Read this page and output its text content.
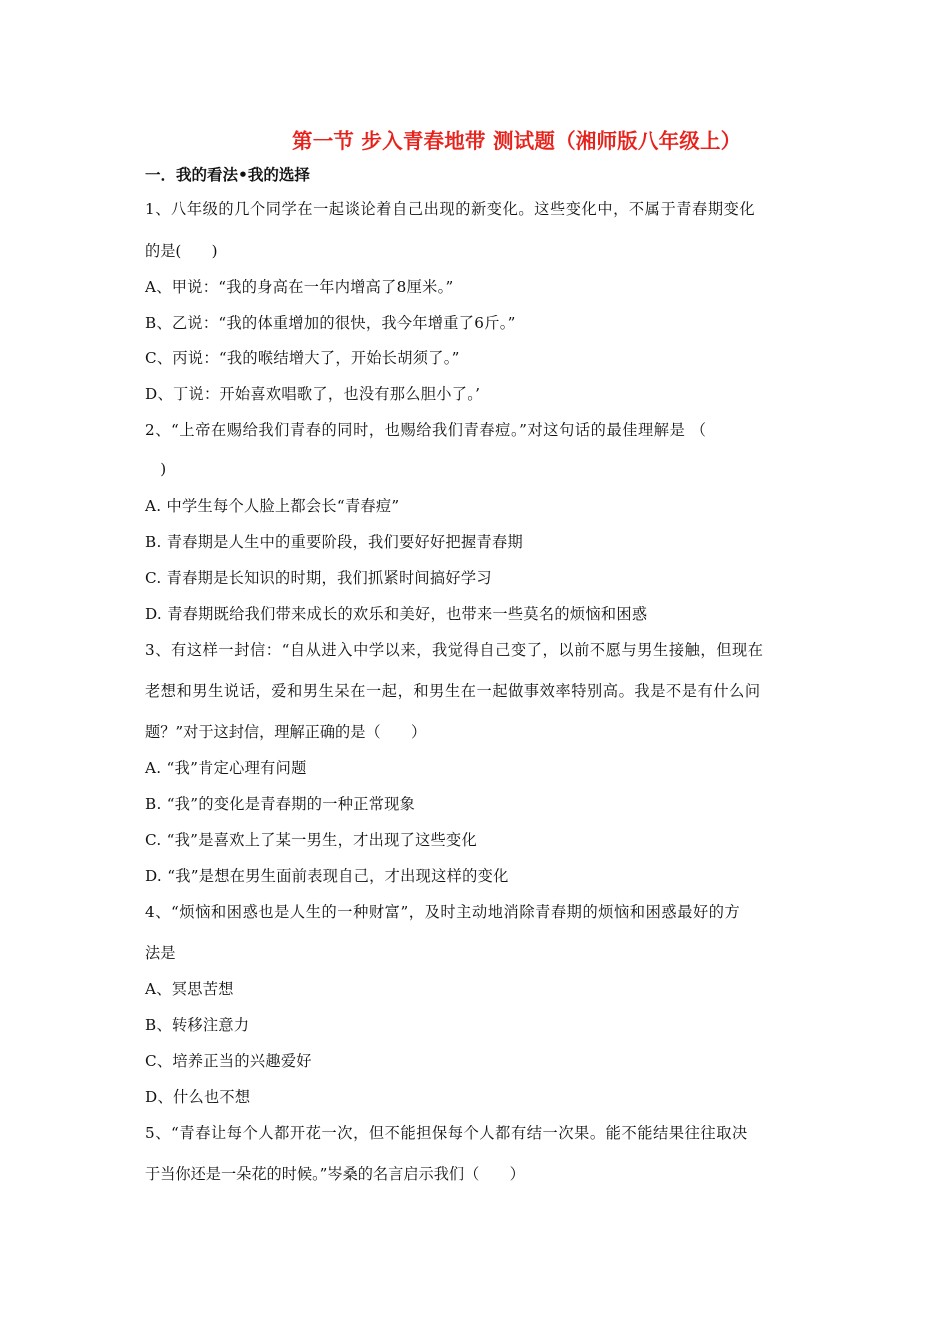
第一节 步入青春地带 测试题（湘师版八年级上）
一．我的看法•我的选择
1、八年级的几个同学在一起谈论着自己出现的新变化。这些变化中，不属于青春期变化
的是(　　)
A、甲说：“我的身高在一年内增高了8厘米。”
B、乙说：“我的体重增加的很快，我今年增重了6斤。”
C、丙说：“我的喉结增大了，开始长胡须了。”
D、丁说：开始喜欢唱歌了，也没有那么胆小了。’
2、“上帝在赐给我们青春的同时，也赐给我们青春痘。”对这句话的最佳理解是 （
　)
A. 中学生每个人脸上都会长“青春痘”
B. 青春期是人生中的重要阶段，我们要好好把握青春期
C. 青春期是长知识的时期，我们抓紧时间搞好学习
D. 青春期既给我们带来成长的欢乐和美好，也带来一些莫名的烦恼和困惑
3、有这样一封信：“自从进入中学以来，我觉得自己变了，以前不愿与男生接触，但现在
老想和男生说话，爱和男生呆在一起，和男生在一起做事效率特别高。我是不是有什么问
题？”对于这封信，理解正确的是（　　）
A. “我”肯定心理有问题
B. “我”的变化是青春期的一种正常现象
C. “我”是喜欢上了某一男生，才出现了这些变化
D. “我”是想在男生面前表现自己，才出现这样的变化
4、“烦恼和困惑也是人生的一种财富”，及时主动地消除青春期的烦恼和困惑最好的方
法是
A、冥思苦想
B、转移注意力
C、培养正当的兴趣爱好
D、什么也不想
5、“青春让每个人都开花一次，但不能担保每个人都有结一次果。能不能结果往往取决
于当你还是一朵花的时候。”岑桑的名言启示我们（　　）
